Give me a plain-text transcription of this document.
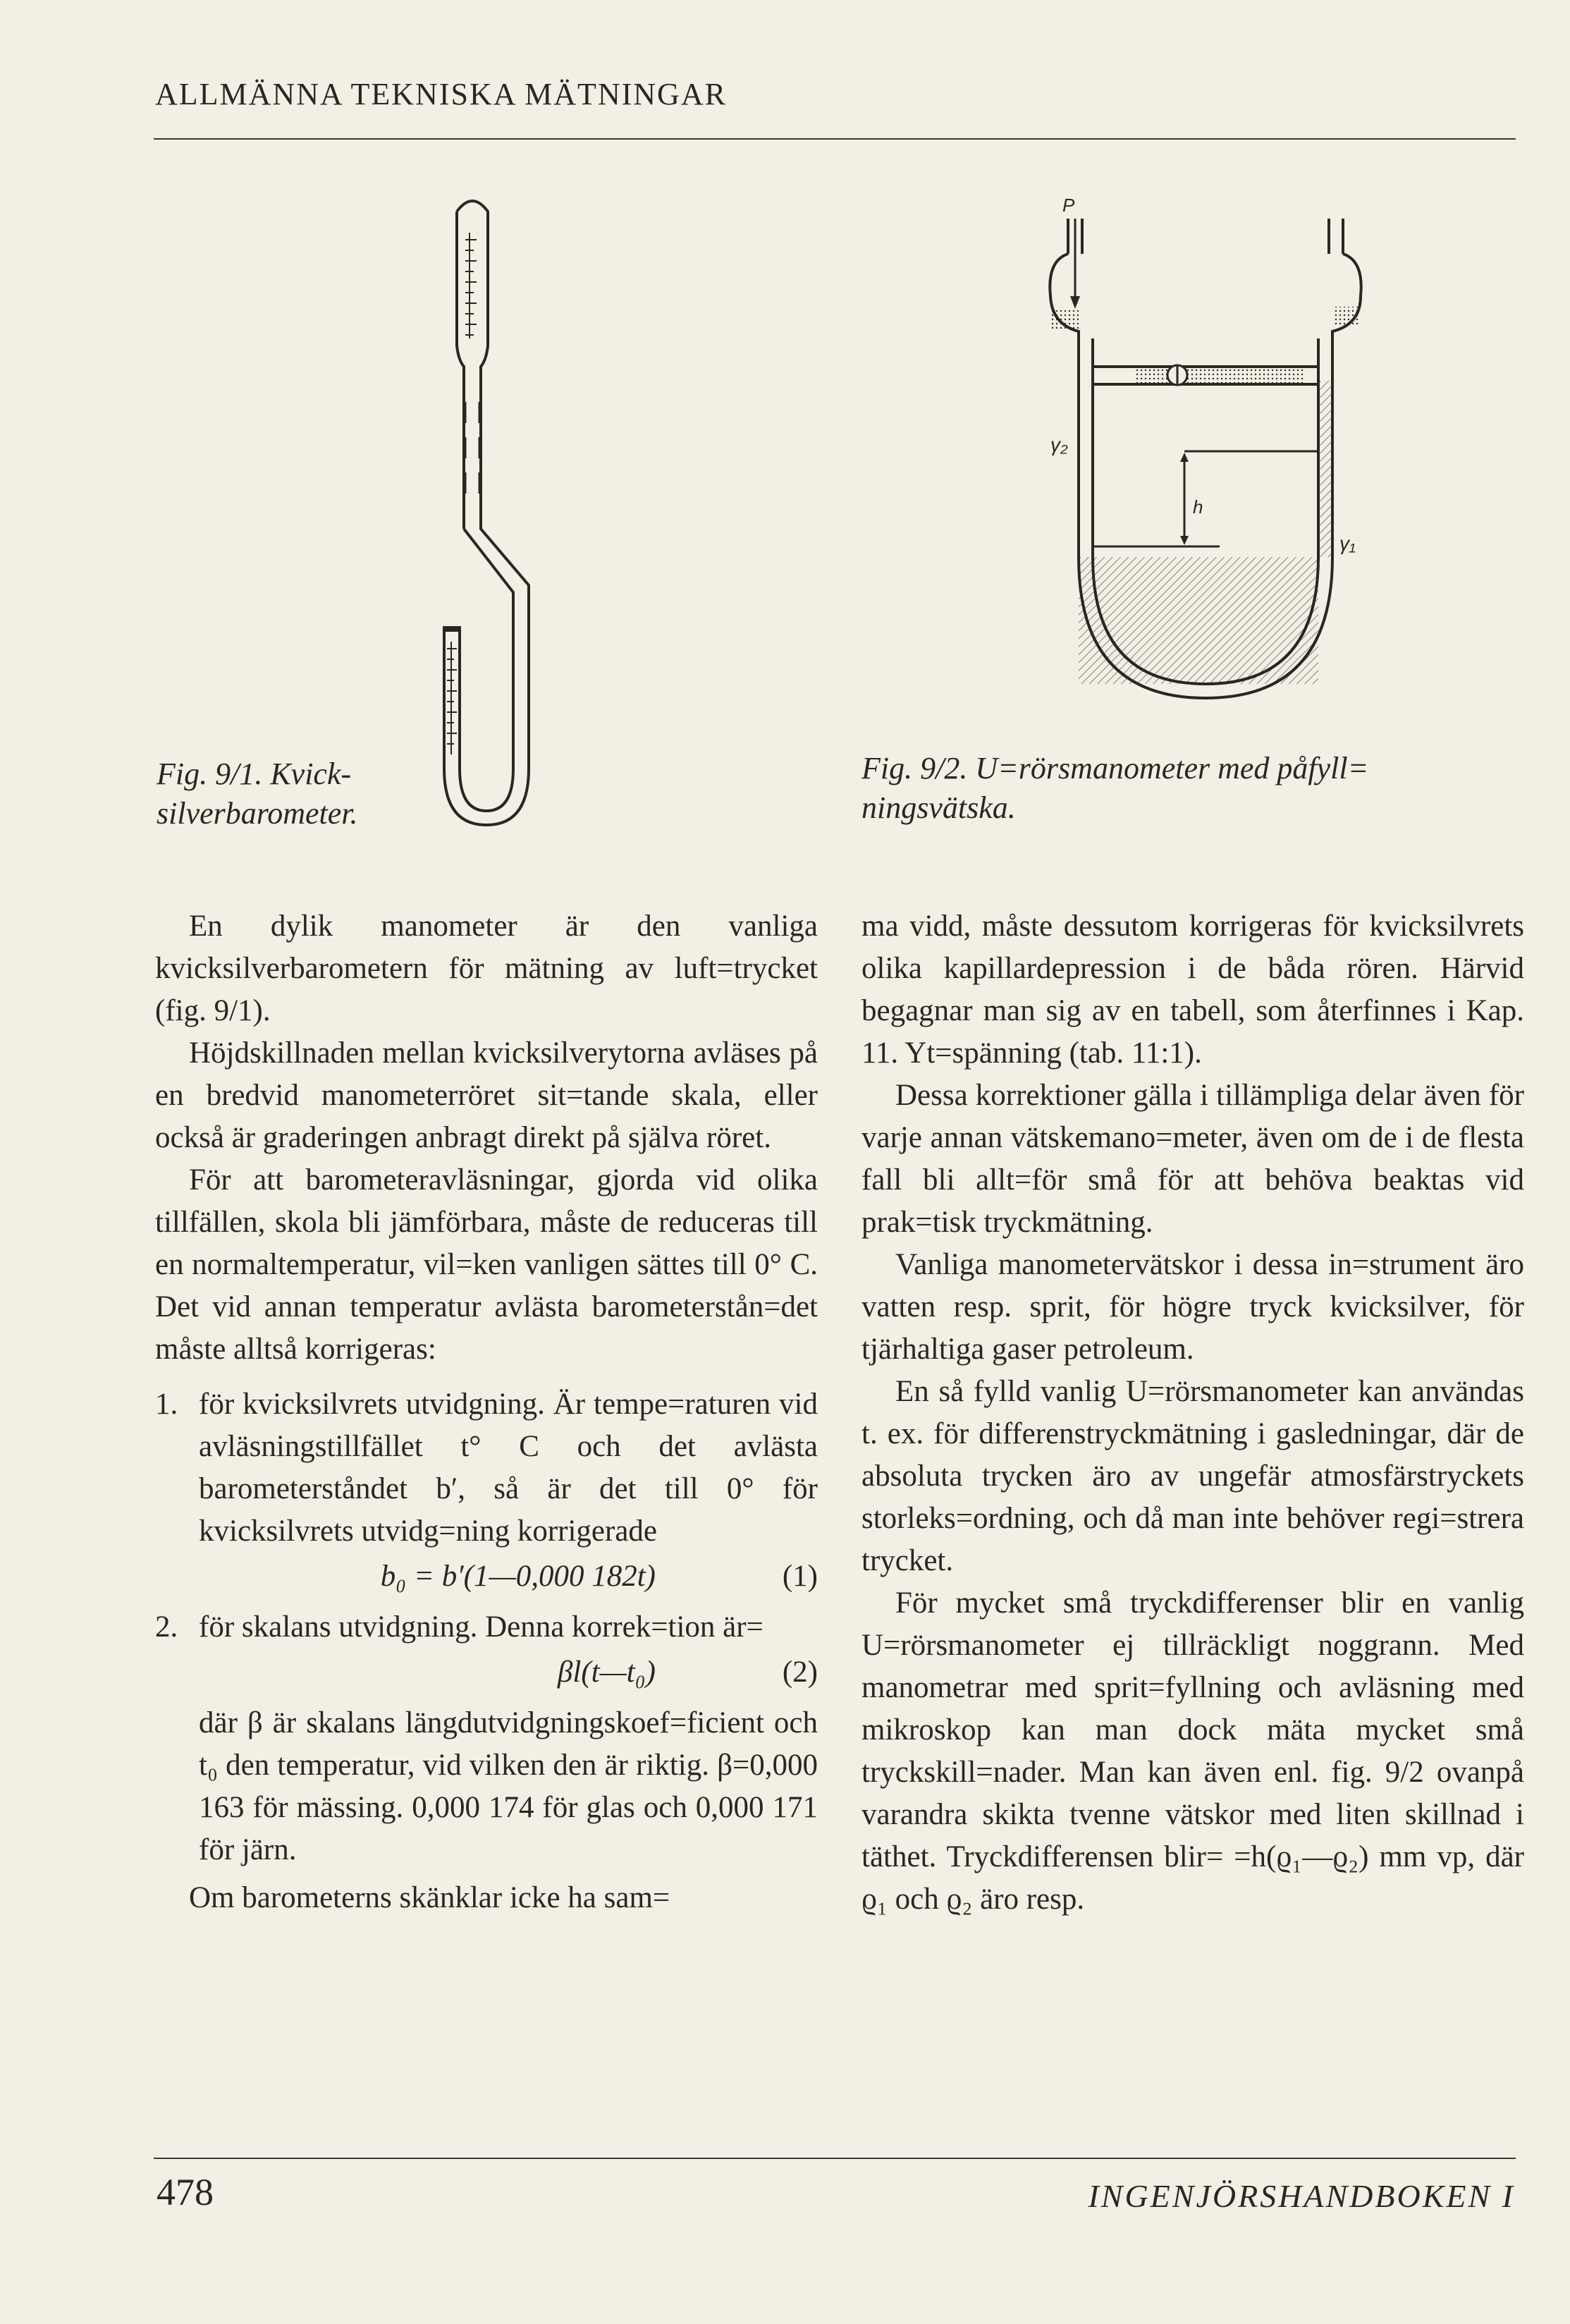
ALLMÄNNA TEKNISKA MÄTNINGAR
Fig. 9/1. Kvick-
silverbarometer.
P
h
γ₂
γ₁
Fig. 9/2. U=rörsmanometer med påfyll=
ningsvätska.

En dylik manometer är den vanliga kvicksilverbarometern för mätning av luft=trycket (fig. 9/1).

Höjdskillnaden mellan kvicksilverytorna avläses på en bredvid manometerröret sit=tande skala, eller också är graderingen anbragt direkt på själva röret.

För att barometeravläsningar, gjorda vid olika tillfällen, skola bli jämförbara, måste de reduceras till en normaltemperatur, vil=ken vanligen sättes till 0° C. Det vid annan temperatur avlästa barometerstån=det måste alltså korrigeras:

1. för kvicksilvrets utvidgning. Är tempe=raturen vid avläsningstillfället t° C och det avlästa barometerståndet b′, så är det till 0° för kvicksilvrets utvidg=ning korrigerade
b₀ = b′(1—0,000 182t)	(1)
2. för skalans utvidgning. Denna korrek=tion är=
βl(t—t₀)	(2)
där β är skalans längdutvidgningskoef=ficient och t₀ den temperatur, vid vilken den är riktig. β=0,000 163 för mässing. 0,000 174 för glas och 0,000 171 för järn.

Om barometerns skänklar icke ha sam=

ma vidd, måste dessutom korrigeras för kvicksilvrets olika kapillardepression i de båda rören. Härvid begagnar man sig av en tabell, som återfinnes i Kap. 11. Yt=spänning (tab. 11:1).

Dessa korrektioner gälla i tillämpliga delar även för varje annan vätskemano=meter, även om de i de flesta fall bli allt=för små för att behöva beaktas vid prak=tisk tryckmätning.

Vanliga manometervätskor i dessa in=strument äro vatten resp. sprit, för högre tryck kvicksilver, för tjärhaltiga gaser petroleum.

En så fylld vanlig U=rörsmanometer kan användas t. ex. för differenstryckmätning i gasledningar, där de absoluta trycken äro av ungefär atmosfärstryckets storleks=ordning, och då man inte behöver regi=strera trycket.

För mycket små tryckdifferenser blir en vanlig U=rörsmanometer ej tillräckligt noggrann. Med manometrar med sprit=fyllning och avläsning med mikroskop kan man dock mäta mycket små tryckskill=nader. Man kan även enl. fig. 9/2 ovanpå varandra skikta tvenne vätskor med liten skillnad i täthet. Tryckdifferensen blir= =h(ϱ₁—ϱ₂) mm vp, där ϱ₁ och ϱ₂ äro resp.

478	INGENJÖRSHANDBOKEN I
